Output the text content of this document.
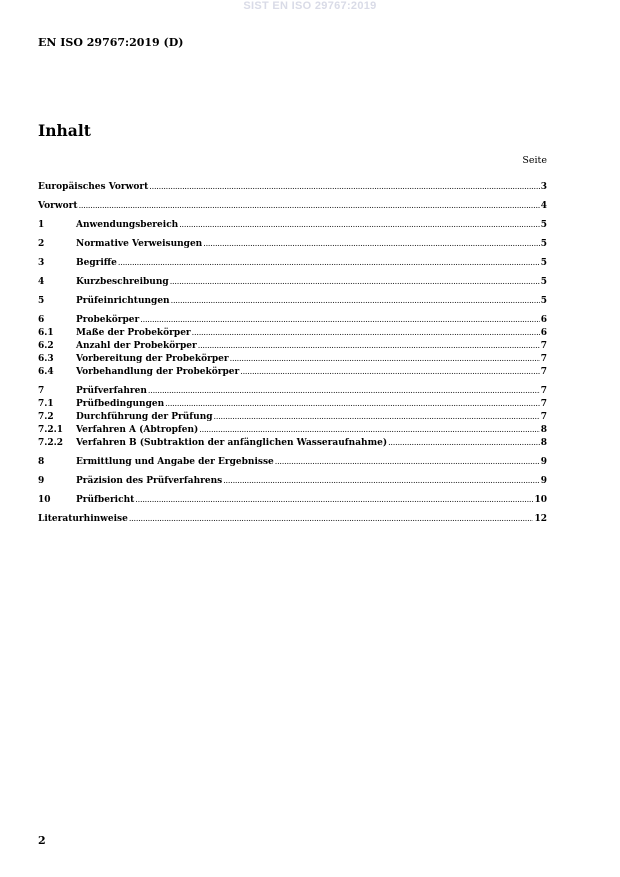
SIST EN ISO 29767:2019
EN ISO 29767:2019 (D)
Inhalt
Seite
Europäisches Vorwort .....	3
Vorwort .....	4
1	Anwendungsbereich .....	5
2	Normative Verweisungen .....	5
3	Begriffe .....	5
4	Kurzbeschreibung .....	5
5	Prüfeinrichtungen .....	5
6	Probekörper .....	6
6.1	Maße der Probekörper .....	6
6.2	Anzahl der Probekörper .....	7
6.3	Vorbereitung der Probekörper .....	7
6.4	Vorbehandlung der Probekörper .....	7
7	Prüfverfahren .....	7
7.1	Prüfbedingungen .....	7
7.2	Durchführung der Prüfung .....	7
7.2.1	Verfahren A (Abtropfen) .....	8
7.2.2	Verfahren B (Subtraktion der anfänglichen Wasseraufnahme) .....	8
8	Ermittlung und Angabe der Ergebnisse .....	9
9	Präzision des Prüfverfahrens .....	9
10	Prüfbericht .....	10
Literaturhinweise .....	12
2
